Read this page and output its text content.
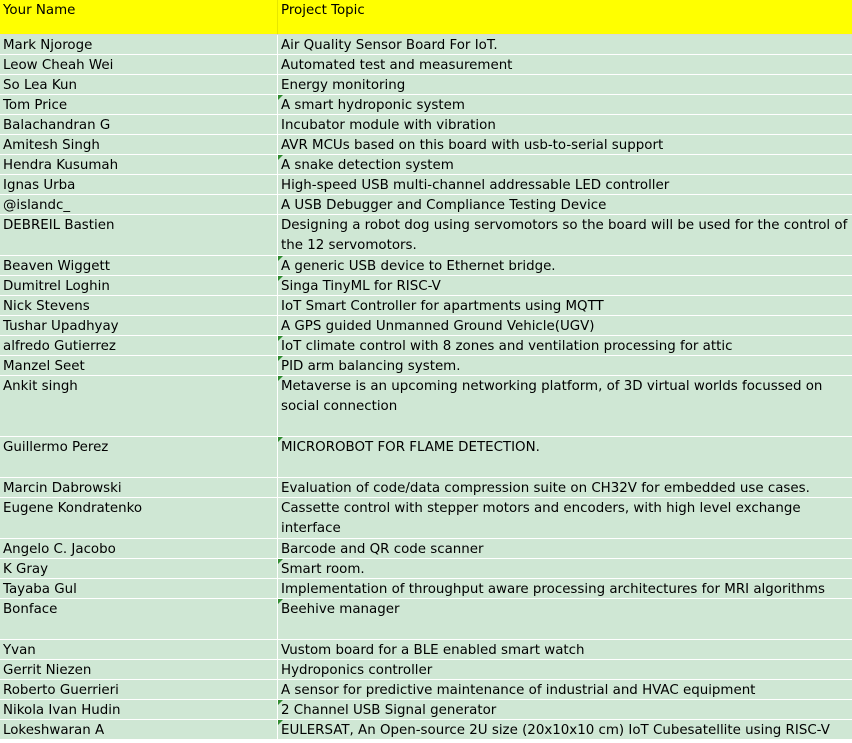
Your Name	Project Topic
Mark Njoroge	Air Quality Sensor Board For IoT.
Leow Cheah Wei	Automated test and measurement
So Lea Kun	Energy monitoring
Tom Price	A smart hydroponic system
Balachandran G	Incubator module with vibration
Amitesh Singh	AVR MCUs based on this board with usb-to-serial support
Hendra Kusumah	A snake detection system
Ignas Urba	High-speed USB multi-channel addressable LED controller
@islandc_	A USB Debugger and Compliance Testing Device
DEBREIL Bastien	Designing a robot dog using servomotors so the board will be used for the control of the 12 servomotors.
Beaven Wiggett	A generic USB device to Ethernet bridge.
Dumitrel Loghin	Singa TinyML for RISC-V
Nick Stevens	IoT Smart Controller for apartments using MQTT
Tushar Upadhyay	A GPS guided Unmanned Ground Vehicle(UGV)
alfredo Gutierrez	IoT climate control with 8 zones and ventilation processing for attic
Manzel Seet	PID arm balancing system.
Ankit singh	Metaverse is an upcoming networking platform, of 3D virtual worlds focussed on social connection
Guillermo Perez	MICROROBOT FOR FLAME DETECTION.
Marcin Dabrowski	Evaluation of code/data compression suite on CH32V for embedded use cases.
Eugene Kondratenko	Cassette control with stepper motors and encoders, with high level exchange interface
Angelo C. Jacobo	Barcode and QR code scanner
K Gray	Smart room.
Tayaba Gul	Implementation of throughput aware processing architectures for MRI algorithms
Bonface	Beehive manager
Yvan	Vustom board for a BLE enabled smart watch
Gerrit Niezen	Hydroponics controller
Roberto Guerrieri	A sensor for predictive maintenance of industrial and HVAC equipment
Nikola Ivan Hudin	2 Channel USB Signal generator
Lokeshwaran A	EULERSAT, An Open-source 2U size (20x10x10 cm) IoT Cubesatellite using RISC-V
